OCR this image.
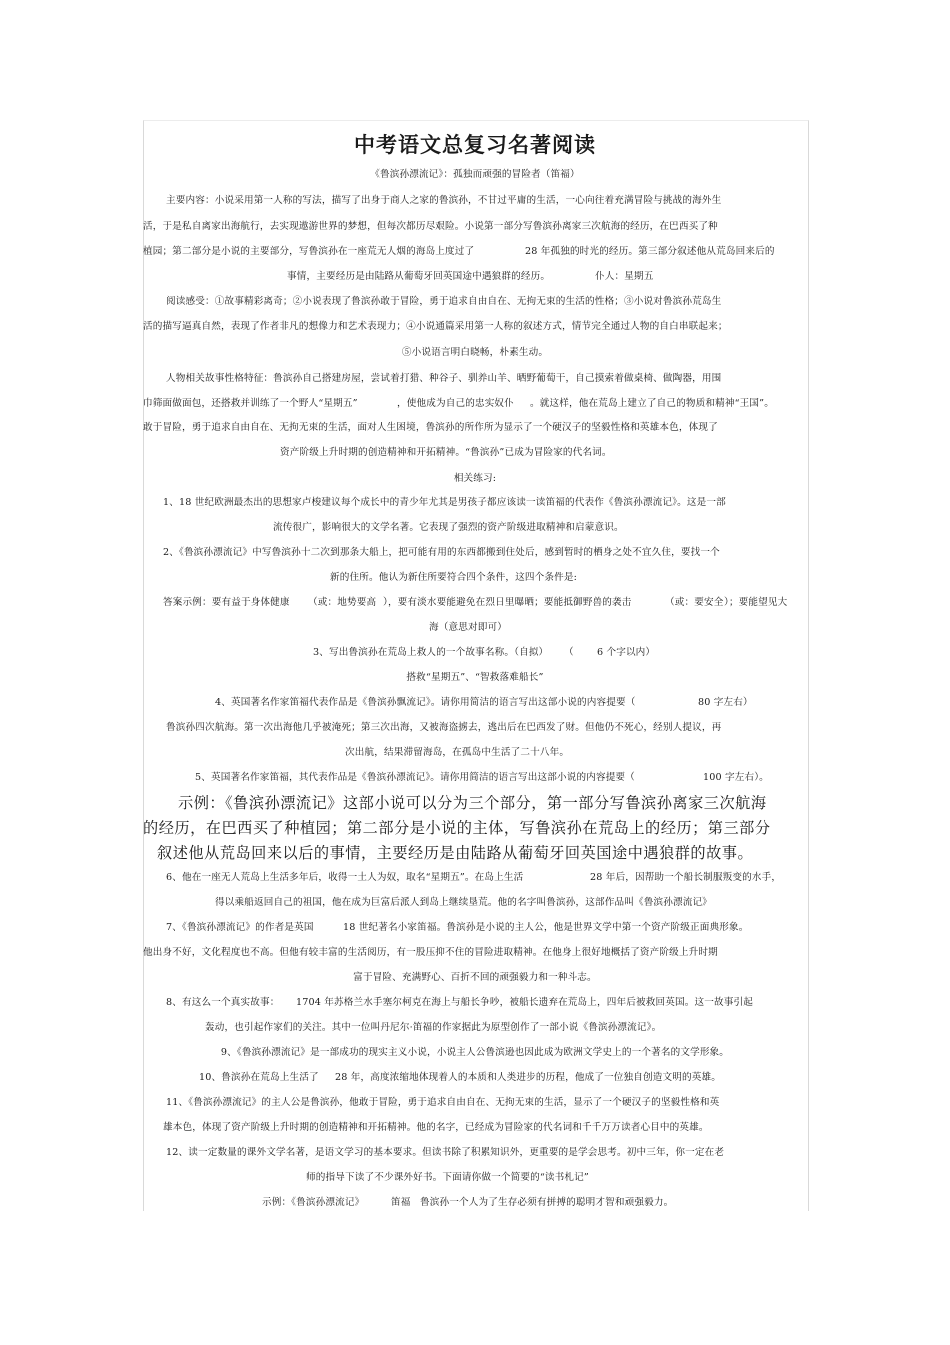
中考语文总复习名著阅读
《鲁滨孙漂流记》：孤独而顽强的冒险者（笛福）
主要内容：小说采用第一人称的写法，描写了出身于商人之家的鲁滨孙，不甘过平庸的生活，一心向往着充满冒险与挑战的海外生
活，于是私自离家出海航行，去实现遨游世界的梦想，但每次都历尽艰险。小说第一部分写鲁滨孙离家三次航海的经历，在巴西买了种
植园；第二部分是小说的主要部分，写鲁滨孙在一座荒无人烟的海岛上度过了	28 年孤独的时光的经历。第三部分叙述他从荒岛回来后的
事情，主要经历是由陆路从葡萄牙回英国途中遇狼群的经历。	仆人：星期五
阅读感受：①故事精彩离奇；②小说表现了鲁滨孙敢于冒险，勇于追求自由自在、无拘无束的生活的性格；③小说对鲁滨孙荒岛生
活的描写逼真自然，表现了作者非凡的想像力和艺术表现力；④小说通篇采用第一人称的叙述方式，情节完全通过人物的自白串联起来；
⑤小说语言明白晓畅，朴素生动。
人物相关故事性格特征：鲁滨孙自己搭建房屋，尝试着打猎、种谷子、驯养山羊、晒野葡萄干，自己摸索着做桌椅、做陶器，用围
巾筛面做面包，还搭救并训练了一个野人“星期五”	，使他成为自己的忠实奴仆 。就这样，他在荒岛上建立了自己的物质和精神“王国”。
敢于冒险，勇于追求自由自在、无拘无束的生活，面对人生困境，鲁滨孙的所作所为显示了一个硬汉子的坚毅性格和英雄本色，体现了
资产阶级上升时期的创造精神和开拓精神。“鲁滨孙”已成为冒险家的代名词。
相关练习:
1、18 世纪欧洲最杰出的思想家卢梭建议每个成长中的青少年尤其是男孩子都应该读一读笛福的代表作《鲁滨孙漂流记》。这是一部
流传很广，影响很大的文学名著。它表现了强烈的资产阶级进取精神和启蒙意识。
2、《鲁滨孙漂流记》中写鲁滨孙十二次到那条大船上，把可能有用的东西都搬到住处后，感到暂时的栖身之处不宜久住，要找一个
新的住所。他认为新住所要符合四个条件，这四个条件是:
答案示例：要有益于身体健康 （或：地势要高 ），要有淡水要能避免在烈日里曝晒；要能抵御野兽的袭击	（或：要安全 ）；要能望见大
海（意思对即可）
3、写出鲁滨孙在荒岛上救人的一个故事名称。（自拟） （ 6 个字以内）
搭救“星期五”、“智救落难船长”
4、英国著名作家笛福代表作品是《鲁滨孙飘流记》。请你用简洁的语言写出这部小说的内容提要（	80 字左右）
鲁滨孙四次航海。第一次出海他几乎被淹死；第三次出海，又被海盗掳去，逃出后在巴西发了财。但他仍不死心，经别人提议，再
次出航，结果滞留海岛，在孤岛中生活了二十八年。
5、英国著名作家笛福，其代表作品是《鲁滨孙漂流记》。请你用简洁的语言写出这部小说的内容提要（	100 字左右）。
示例：《鲁滨孙漂流记》这部小说可以分为三个部分，第一部分写鲁滨孙离家三次航海
的经历，在巴西买了种植园；第二部分是小说的主体，写鲁滨孙在荒岛上的经历；第三部分
叙述他从荒岛回来以后的事情，主要经历是由陆路从葡萄牙回英国途中遇狼群的故事。
6、他在一座无人荒岛上生活多年后，收得一土人为奴，取名“星期五”。在岛上生活	28 年后，因帮助一个船长制服叛变的水手，
得以乘船返回自己的祖国，他在成为巨富后派人到岛上继续垦荒。他的名字叫鲁滨孙，这部作品叫《鲁滨孙漂流记》
7、《鲁滨孙漂流记》的作者是英国	18 世纪著名小家笛福。鲁滨孙是小说的主人公，他是世界文学中第一个资产阶级正面典形象。
他出身不好，文化程度也不高。但他有较丰富的生活阅历，有一股压抑不住的冒险进取精神。在他身上很好地概括了资产阶级上升时期
富于冒险、充满野心、百折不回的顽强毅力和一种斗志。
8、有这么一个真实故事： 1704 年苏格兰水手塞尔柯克在海上与船长争吵，被船长遗弃在荒岛上，四年后被救回英国。这一故事引起
轰动，也引起作家们的关注。其中一位叫丹尼尔·笛福的作家据此为原型创作了一部小说《鲁滨孙漂流记》。
9、《鲁滨孙漂流记》是一部成功的现实主义小说，小说主人公鲁滨逊也因此成为欧洲文学史上的一个著名的文学形象。
10、鲁滨孙在荒岛上生活了 28 年，高度浓缩地体现着人的本质和人类进步的历程，他成了一位独自创造文明的英雄。
11、《鲁滨孙漂流记》的主人公是鲁滨孙，他敢于冒险，勇于追求自由自在、无拘无束的生活，显示了一个硬汉子的坚毅性格和英
雄本色，体现了资产阶级上升时期的创造精神和开拓精神。他的名字，已经成为冒险家的代名词和千千万万读者心目中的英雄。
12、读一定数量的课外文学名著，是语文学习的基本要求。但读书除了积累知识外，更重要的是学会思考。初中三年，你一定在老
师的指导下读了不少课外好书。下面请你做一个简要的“读书札记”
示例：《鲁滨孙漂流记》	笛福 鲁滨孙一个人为了生存必须有拼搏的聪明才智和顽强毅力。
